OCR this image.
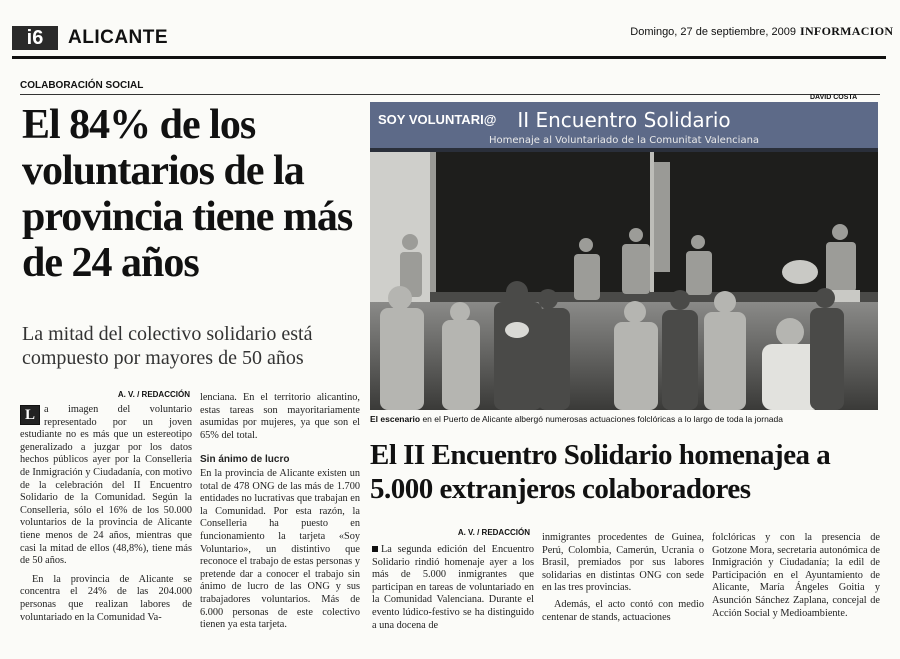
i6	ALICANTE	Domingo, 27 de septiembre, 2009 INFORMACION
COLABORACIÓN SOCIAL
El 84% de los voluntarios de la provincia tiene más de 24 años
La mitad del colectivo solidario está compuesto por mayores de 50 años
A. V. / REDACCIÓN
L a imagen del voluntario representado por un joven estudiante no es más que un estereotipo generalizado a juzgar por los datos hechos públicos ayer por la Conselleria de Inmigración y Ciudadanía, con motivo de la celebración del II Encuentro Solidario de la Comunidad. Según la Conselleria, sólo el 16% de los 50.000 voluntarios de la provincia de Alicante tiene menos de 24 años, mientras que casi la mitad de ellos (48,8%), tiene más de 50 años.

En la provincia de Alicante se concentra el 24% de las 204.000 personas que realizan labores de voluntariado en la Comunidad Va-

lenciana. En el territorio alicantino, estas tareas son mayoritariamente asumidas por mujeres, ya que son el 65% del total.

Sin ánimo de lucro

En la provincia de Alicante existen un total de 478 ONG de las más de 1.700 entidades no lucrativas que trabajan en la Comunidad. Por esta razón, la Conselleria ha puesto en funcionamiento la tarjeta «Soy Voluntario», un distintivo que reconoce el trabajo de estas personas y pretende dar a conocer el trabajo sin ánimo de lucro de las ONG y sus trabajadores voluntarios. Más de 6.000 personas de este colectivo tienen ya esta tarjeta.

DAVID COSTA
SOY VOLUNTARI@ II Encuentro Solidario
Homenaje al Voluntariado de la Comunitat Valenciana
El escenario en el Puerto de Alicante albergó numerosas actuaciones folclóricas a lo largo de toda la jornada
El II Encuentro Solidario homenajea a 5.000 extranjeros colaboradores
A. V. / REDACCIÓN

La segunda edición del Encuentro Solidario rindió homenaje ayer a los más de 5.000 inmigrantes que participan en tareas de voluntariado en la Comunidad Valenciana. Durante el evento lúdico-festivo se ha distinguido a una docena de

inmigrantes procedentes de Guinea, Perú, Colombia, Camerún, Ucrania o Brasil, premiados por sus labores solidarias en distintas ONG con sede en las tres provincias.

Además, el acto contó con medio centenar de stands, actuaciones

folclóricas y con la presencia de Gotzone Mora, secretaria autonómica de Inmigración y Ciudadanía; la edil de Participación en el Ayuntamiento de Alicante, María Ángeles Goitia y Asunción Sánchez Zaplana, concejal de Acción Social y Medioambiente.
